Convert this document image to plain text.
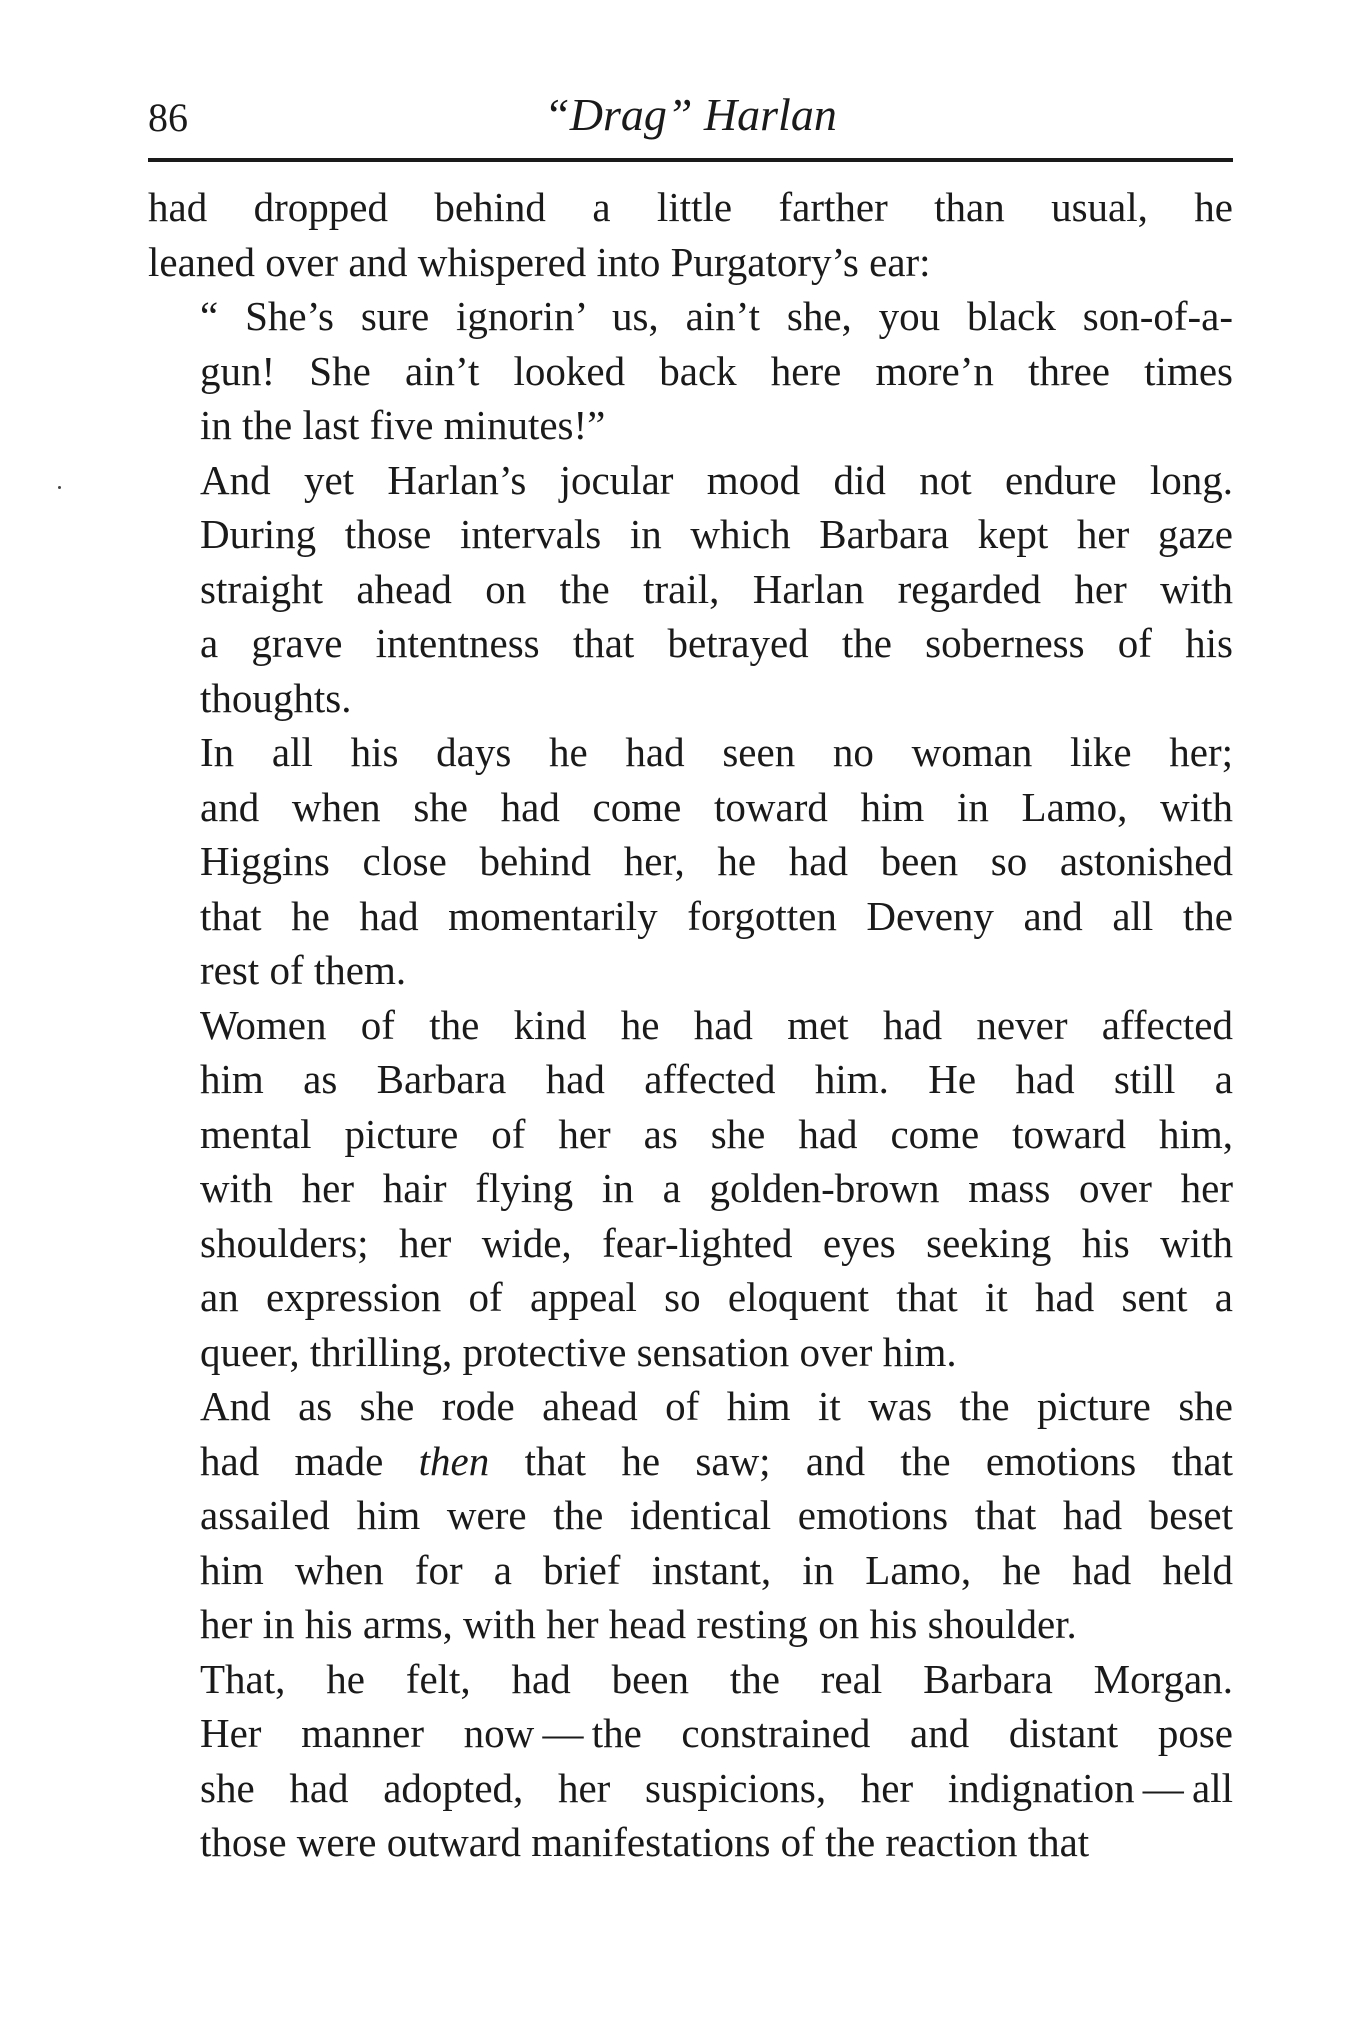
86	“Drag” Harlan

had dropped behind a little farther than usual, he
leaned over and whispered into Purgatory’s ear:

“ She’s sure ignorin’ us, ain’t she, you black son-of-a-
gun! She ain’t looked back here more’n three times
in the last five minutes!”

And yet Harlan’s jocular mood did not endure long.
During those intervals in which Barbara kept her gaze
straight ahead on the trail, Harlan regarded her with
a grave intentness that betrayed the soberness of his
thoughts.

In all his days he had seen no woman like her;
and when she had come toward him in Lamo, with
Higgins close behind her, he had been so astonished
that he had momentarily forgotten Deveny and all the
rest of them.

Women of the kind he had met had never affected
him as Barbara had affected him. He had still a
mental picture of her as she had come toward him,
with her hair flying in a golden-brown mass over her
shoulders; her wide, fear-lighted eyes seeking his with
an expression of appeal so eloquent that it had sent a
queer, thrilling, protective sensation over him.

And as she rode ahead of him it was the picture she
had made then that he saw; and the emotions that
assailed him were the identical emotions that had beset
him when for a brief instant, in Lamo, he had held
her in his arms, with her head resting on his shoulder.

That, he felt, had been the real Barbara Morgan.
Her manner now — the constrained and distant pose
she had adopted, her suspicions, her indignation — all
those were outward manifestations of the reaction that
